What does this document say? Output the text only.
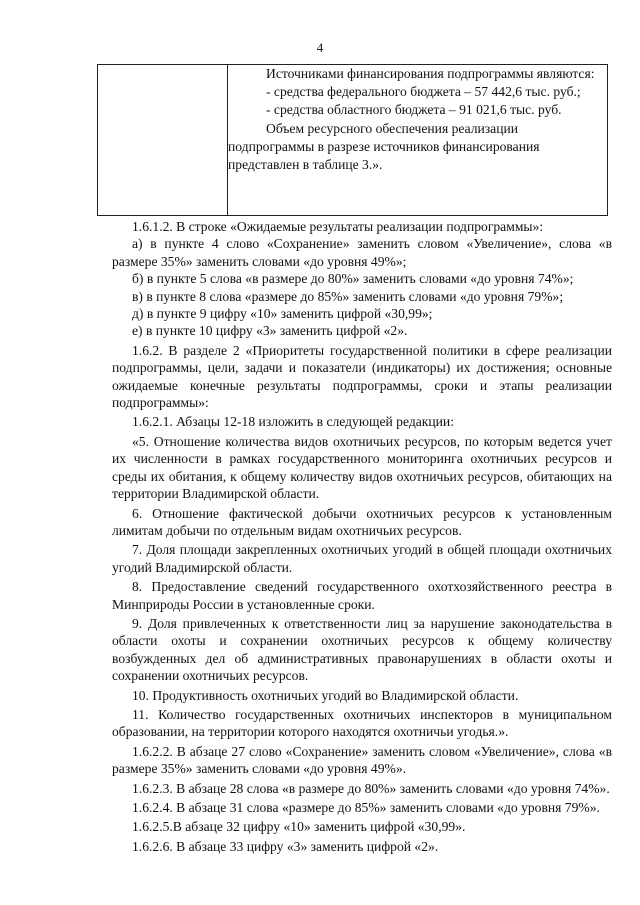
4

Источниками финансирования подпрограммы являются:
- средства федерального бюджета – 57 442,6 тыс. руб.;
- средства областного бюджета – 91 021,6 тыс. руб.
Объем ресурсного обеспечения реализации подпрограммы в разрезе источников финансирования представлен в таблице 3.».

1.6.1.2. В строке «Ожидаемые результаты реализации подпрограммы»:

а) в пункте 4 слово «Сохранение» заменить словом «Увеличение», слова «в размере 35%» заменить словами «до уровня 49%»;

б) в пункте 5 слова «в размере до 80%» заменить словами «до уровня 74%»;

в) в пункте 8 слова «размере до 85%» заменить словами «до уровня 79%»;

д) в пункте 9 цифру «10» заменить цифрой «30,99»;

е) в пункте 10 цифру «3» заменить цифрой «2».

1.6.2. В разделе 2 «Приоритеты государственной политики в сфере реализации подпрограммы, цели, задачи и показатели (индикаторы) их достижения; основные ожидаемые конечные результаты подпрограммы, сроки и этапы реализации подпрограммы»:

1.6.2.1. Абзацы 12-18 изложить в следующей редакции:

«5. Отношение количества видов охотничьих ресурсов, по которым ведется учет их численности в рамках государственного мониторинга охотничьих ресурсов и среды их обитания, к общему количеству видов охотничьих ресурсов, обитающих на территории Владимирской области.

6. Отношение фактической добычи охотничьих ресурсов к установленным лимитам добычи по отдельным видам охотничьих ресурсов.

7. Доля площади закрепленных охотничьих угодий в общей площади охотничьих угодий Владимирской области.

8. Предоставление сведений государственного охотхозяйственного реестра в Минприроды России в установленные сроки.

9. Доля привлеченных к ответственности лиц за нарушение законодательства в области охоты и сохранении охотничьих ресурсов к общему количеству возбужденных дел об административных правонарушениях в области охоты и сохранении охотничьих ресурсов.

10. Продуктивность охотничьих угодий во Владимирской области.

11. Количество государственных охотничьих инспекторов в муниципальном образовании, на территории которого находятся охотничьи угодья.».

1.6.2.2. В абзаце 27 слово «Сохранение» заменить словом «Увеличение», слова «в размере 35%» заменить словами «до уровня 49%».

1.6.2.3. В абзаце 28 слова «в размере до 80%» заменить словами «до уровня 74%».

1.6.2.4. В абзаце 31 слова «размере до 85%» заменить словами «до уровня 79%».

1.6.2.5.В абзаце 32 цифру «10» заменить цифрой «30,99».

1.6.2.6. В абзаце 33 цифру «3» заменить цифрой «2».
